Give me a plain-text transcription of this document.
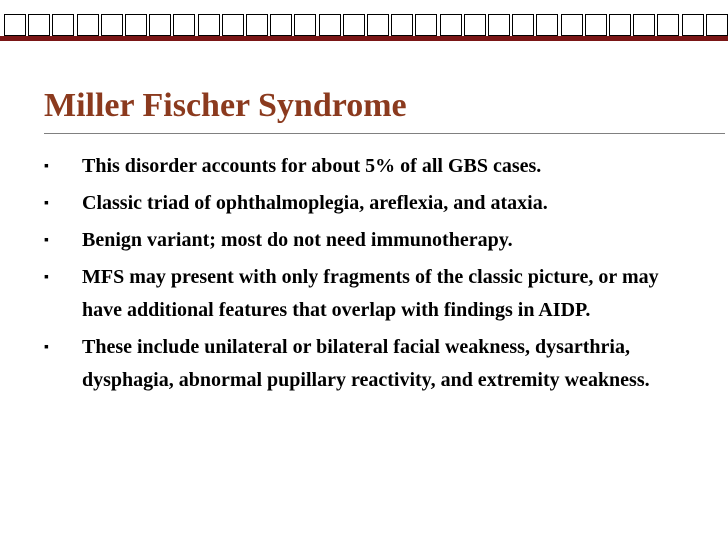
Miller Fischer Syndrome
▪ This disorder accounts for about 5% of all GBS cases.
▪ Classic triad of ophthalmoplegia, areflexia, and ataxia.
▪ Benign variant; most do not need immunotherapy.
▪ MFS may present with only fragments of the classic picture, or may have additional features that overlap with findings in AIDP.
▪ These include unilateral or bilateral facial weakness, dysarthria, dysphagia, abnormal pupillary reactivity, and extremity weakness.
